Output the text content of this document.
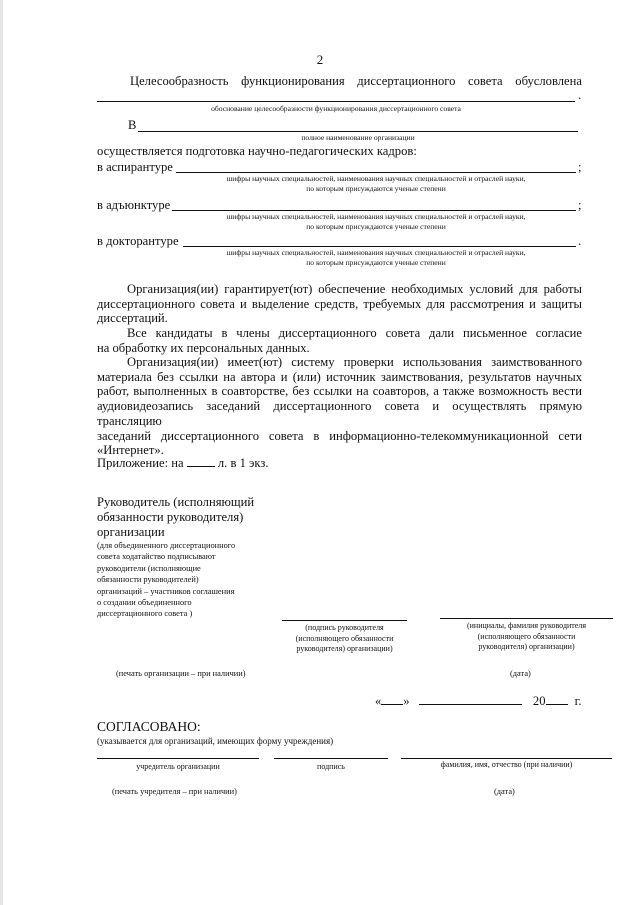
2
Целесообразность функционирования диссертационного совета обусловлена
.
обоснование целесообразности функционирования диссертационного совета
В
полное наименование организации
осуществляется подготовка научно-педагогических кадров:
в аспирантуре	;
шифры научных специальностей, наименования научных специальностей и отраслей науки,
по которым присуждаются ученые степени
в адъюнктуре	;
шифры научных специальностей, наименования научных специальностей и отраслей науки,
по которым присуждаются ученые степени
в докторантуре	.
шифры научных специальностей, наименования научных специальностей и отраслей науки,
по которым присуждаются ученые степени
Организация(ии) гарантирует(ют) обеспечение необходимых условий для работы
диссертационного совета и выделение средств, требуемых для рассмотрения и защиты
диссертаций.
Все кандидаты в члены диссертационного совета дали письменное согласие
на обработку их персональных данных.
Организация(ии) имеет(ют) систему проверки использования заимствованного
материала без ссылки на автора и (или) источник заимствования, результатов научных
работ, выполненных в соавторстве, без ссылки на соавторов, а также возможность вести
аудиовидеозапись заседаний диссертационного совета и осуществлять прямую трансляцию
заседаний диссертационного совета в информационно-телекоммуникационной сети
«Интернет».
Приложение: на	л. в 1 экз.
Руководитель (исполняющий
обязанности руководителя)
организации
(для объединенного диссертационного
совета ходатайство подписывают
руководители (исполняющие
обязанности руководителей)
организаций – участников соглашения
о создании объединенного
диссертационного совета )
(подпись руководителя
(исполняющего обязанности
руководителя) организации)
(инициалы, фамилия руководителя
(исполняющего обязанности
руководителя) организации)
(печать организации – при наличии)	(дата)
« »	20 г.
СОГЛАСОВАНО:
(указывается для организаций, имеющих форму учреждения)
учредитель организации	подпись	фамилия, имя, отчество (при наличии)
(печать учредителя – при наличии)	(дата)
